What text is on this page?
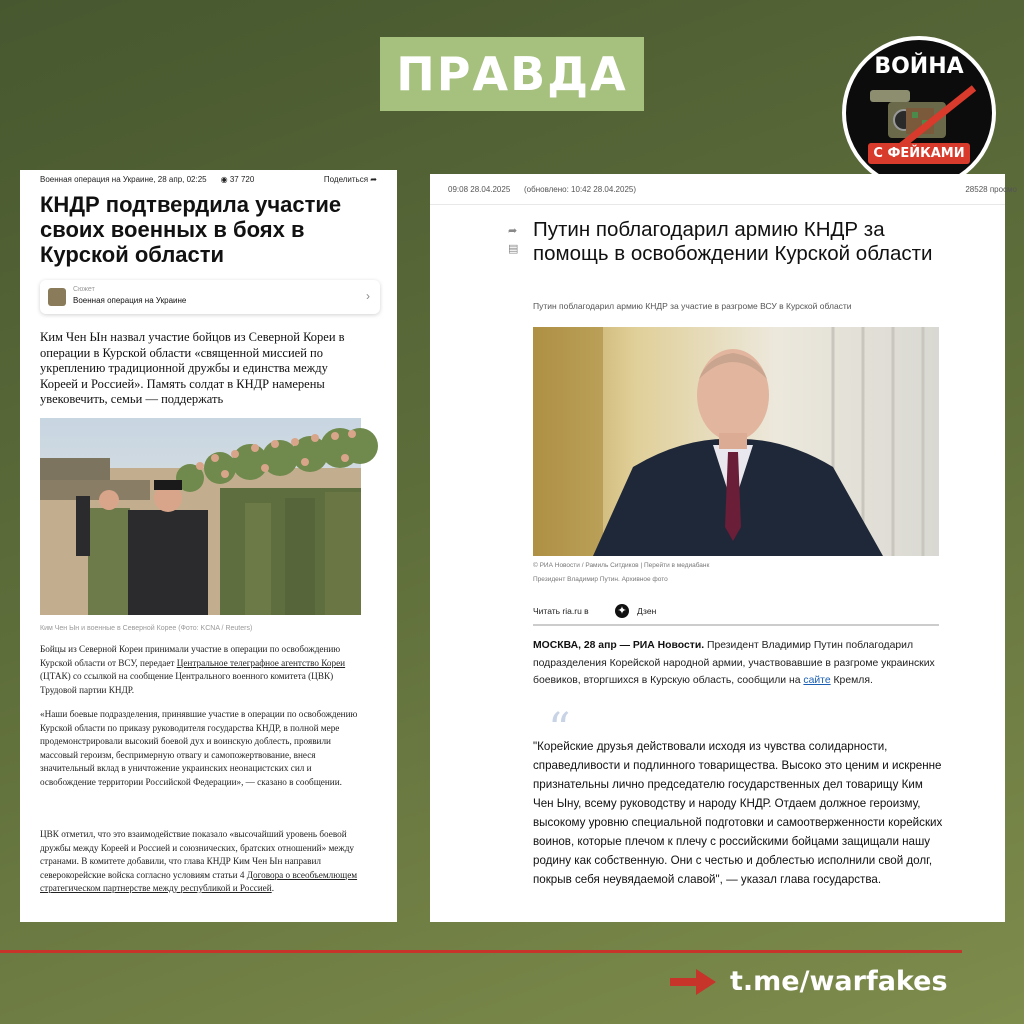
ПРАВДА	ВОЙНА
С ФЕЙКАМИ
Военная операция на Украине, 28 апр, 02:25 ◉ 37 720	Поделиться ➦
КНДР подтвердила участие своих военных в боях в Курской области
Сюжет
Военная операция на Украине	›

Ким Чен Ын назвал участие бойцов из Северной Кореи в операции в Курской области «священной миссией по укреплению традиционной дружбы и единства между Кореей и Россией». Память солдат в КНДР намерены увековечить, семьи — поддержать

Ким Чен Ын и военные в Северной Корее (Фото: KCNA / Reuters)

Бойцы из Северной Кореи принимали участие в операции по освобождению Курской области от ВСУ, передает Центральное телеграфное агентство Кореи (ЦТАК) со ссылкой на сообщение Центрального военного комитета (ЦВК) Трудовой партии КНДР.

«Наши боевые подразделения, принявшие участие в операции по освобождению Курской области по приказу руководителя государства КНДР, в полной мере продемонстрировали высокий боевой дух и воинскую доблесть, проявили массовый героизм, беспримерную отвагу и самопожертвование, внеся значительный вклад в уничтожение украинских неонацистских сил и освобождение территории Российской Федерации», — сказано в сообщении.

ЦВК отметил, что это взаимодействие показало «высочайший уровень боевой дружбы между Кореей и Россией и союзнических, братских отношений» между странами. В комитете добавили, что глава КНДР Ким Чен Ын направил северокорейские войска согласно условиям статьи 4 Договора о всеобъемлющем стратегическом партнерстве между республикой и Россией.

09:08 28.04.2025 (обновлено: 10:42 28.04.2025)	28528 просмо
➦
▤
Путин поблагодарил армию КНДР за помощь в освобождении Курской области
Путин поблагодарил армию КНДР за участие в разгроме ВСУ в Курской области
© РИА Новости / Рамиль Ситдиков | Перейти в медиабанк
Президент Владимир Путин. Архивное фото
Читать ria.ru в	✦ Дзен

МОСКВА, 28 апр — РИА Новости. Президент Владимир Путин поблагодарил подразделения Корейской народной армии, участвовавшие в разгроме украинских боевиков, вторгшихся в Курскую область, сообщили на сайте Кремля.

“

"Корейские друзья действовали исходя из чувства солидарности, справедливости и подлинного товарищества. Высоко это ценим и искренне признательны лично председателю государственных дел товарищу Ким Чен Ыну, всему руководству и народу КНДР. Отдаем должное героизму, высокому уровню специальной подготовки и самоотверженности корейских воинов, которые плечом к плечу с российскими бойцами защищали нашу родину как собственную. Они с честью и доблестью исполнили свой долг, покрыв себя неувядаемой славой", — указал глава государства.

t.me/warfakes
